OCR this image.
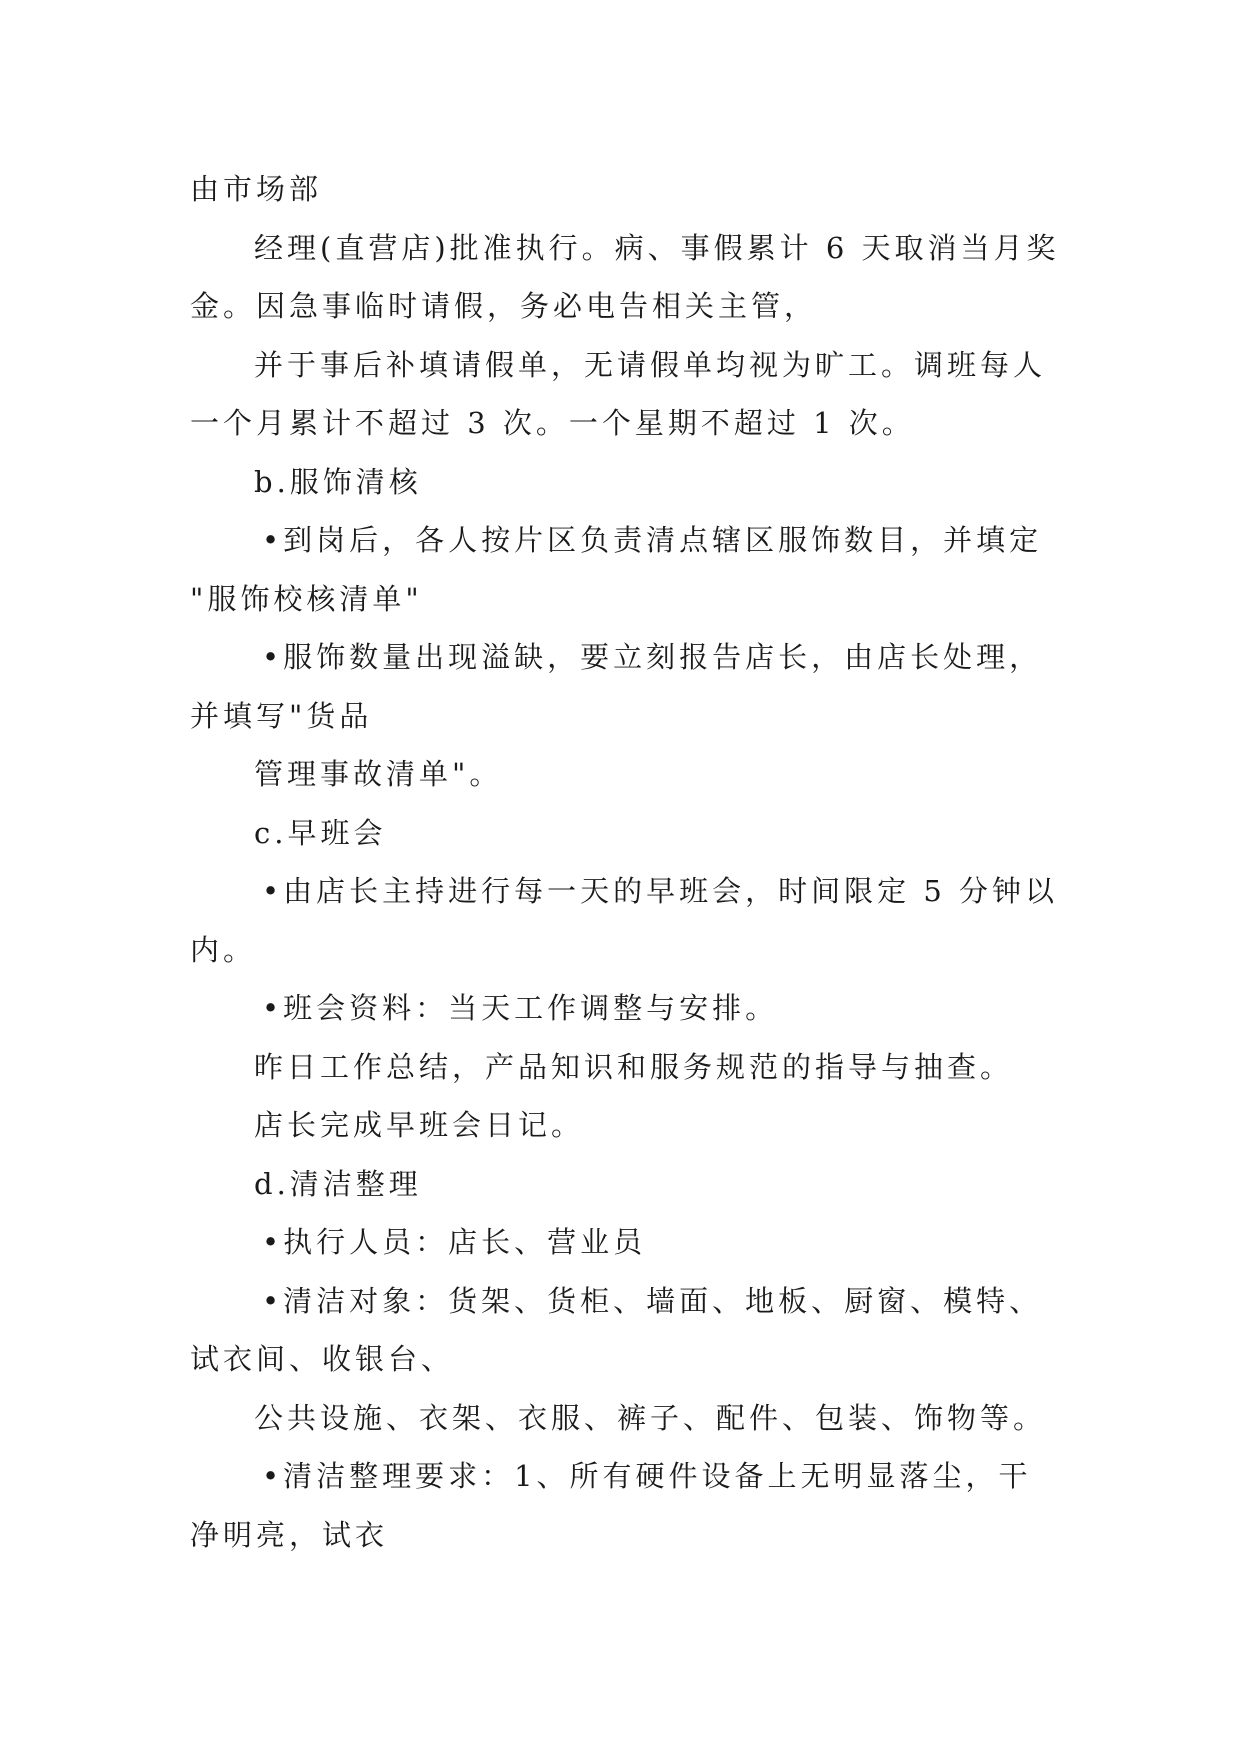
由市场部
经理(直营店)批准执行。病、事假累计 6 天取消当月奖
金。因急事临时请假，务必电告相关主管，
并于事后补填请假单，无请假单均视为旷工。调班每人
一个月累计不超过 3 次。一个星期不超过 1 次。
b.服饰清核
•到岗后，各人按片区负责清点辖区服饰数目，并填定
"服饰校核清单"
•服饰数量出现溢缺，要立刻报告店长，由店长处理，
并填写"货品
管理事故清单"。
c.早班会
•由店长主持进行每一天的早班会，时间限定 5 分钟以
内。
•班会资料：当天工作调整与安排。
昨日工作总结，产品知识和服务规范的指导与抽查。
店长完成早班会日记。
d.清洁整理
•执行人员：店长、营业员
•清洁对象：货架、货柜、墙面、地板、厨窗、模特、
试衣间、收银台、
公共设施、衣架、衣服、裤子、配件、包装、饰物等。
•清洁整理要求：1、所有硬件设备上无明显落尘，干
净明亮，试衣
